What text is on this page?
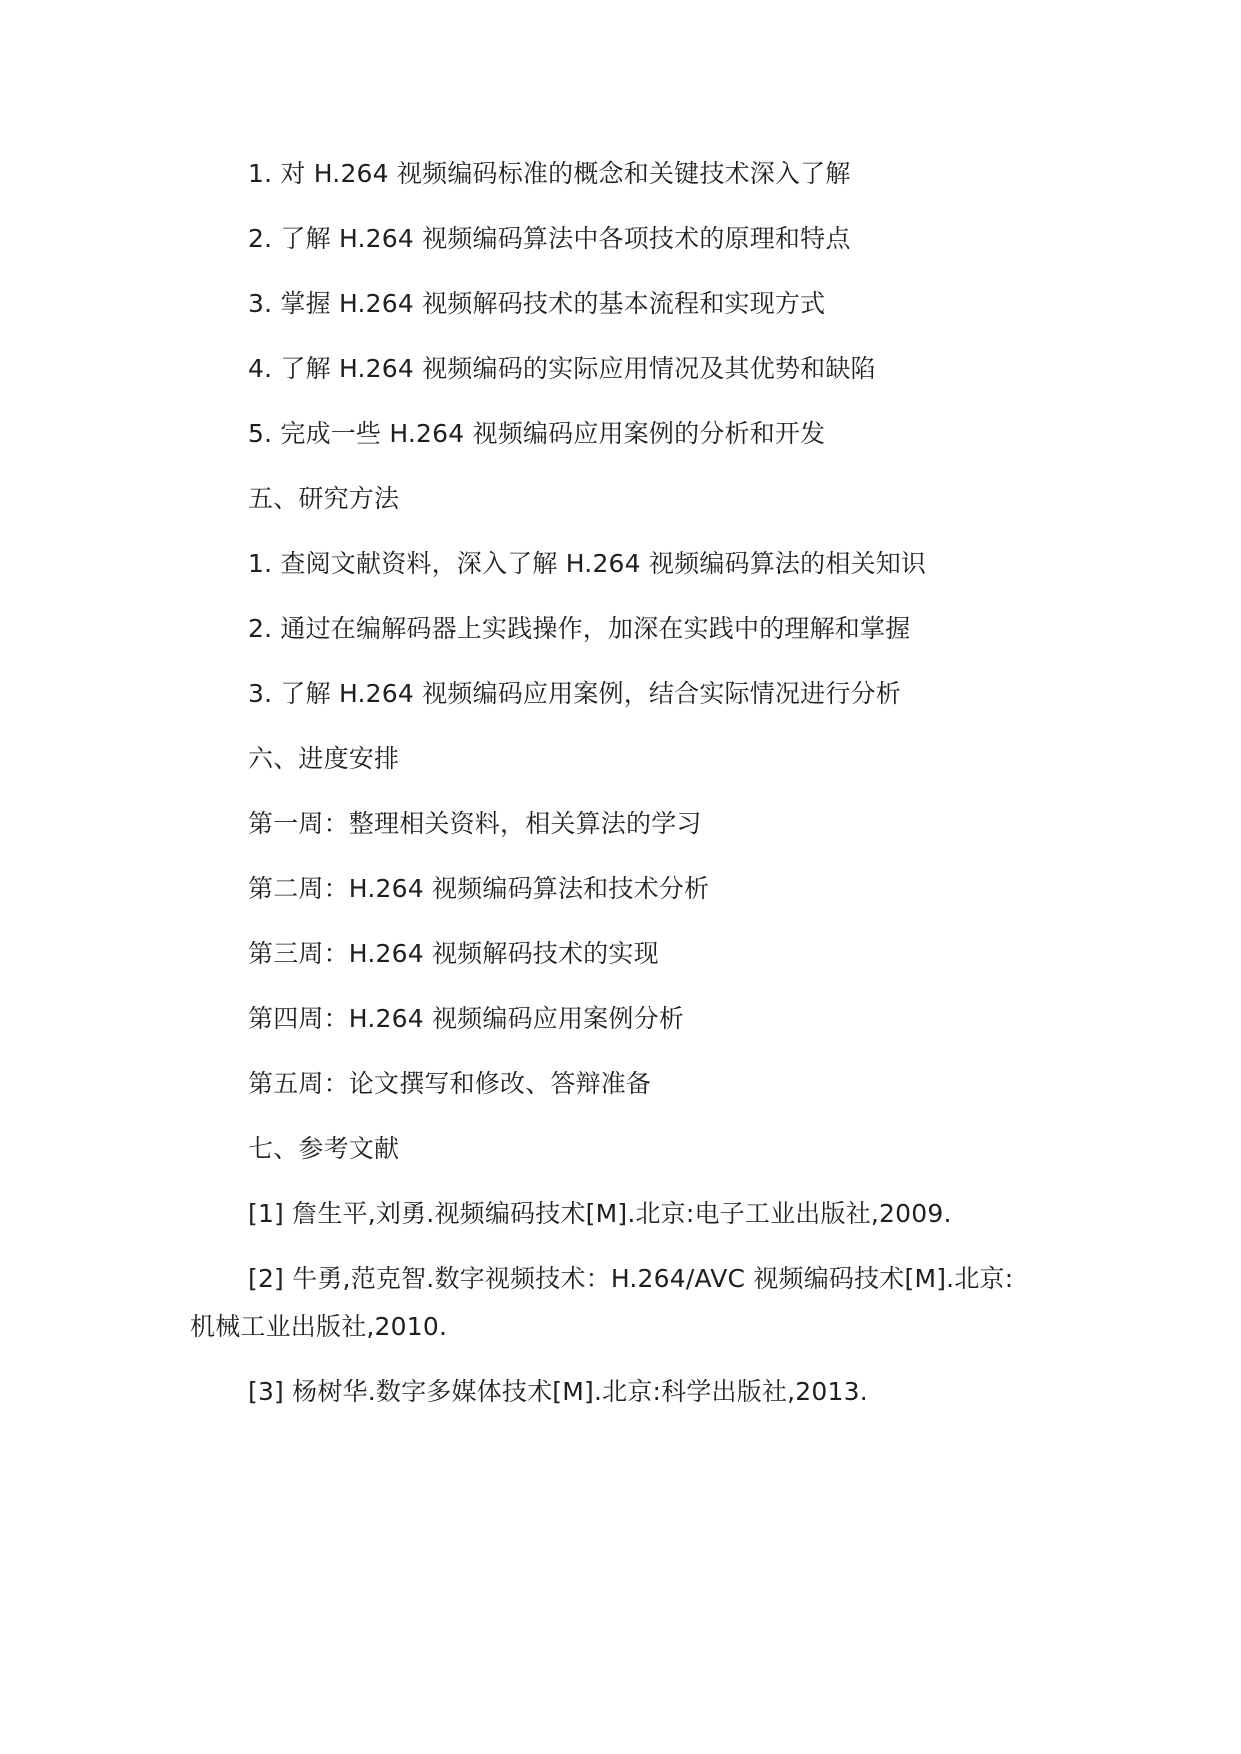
1. 对 H.264 视频编码标准的概念和关键技术深入了解
2. 了解 H.264 视频编码算法中各项技术的原理和特点
3. 掌握 H.264 视频解码技术的基本流程和实现方式
4. 了解 H.264 视频编码的实际应用情况及其优势和缺陷
5. 完成一些 H.264 视频编码应用案例的分析和开发
五、研究方法
1. 查阅文献资料，深入了解 H.264 视频编码算法的相关知识
2. 通过在编解码器上实践操作，加深在实践中的理解和掌握
3. 了解 H.264 视频编码应用案例，结合实际情况进行分析
六、进度安排
第一周：整理相关资料，相关算法的学习
第二周：H.264 视频编码算法和技术分析
第三周：H.264 视频解码技术的实现
第四周：H.264 视频编码应用案例分析
第五周：论文撰写和修改、答辩准备
七、参考文献
[1] 詹生平,刘勇.视频编码技术[M].北京:电子工业出版社,2009.
[2] 牛勇,范克智.数字视频技术：H.264/AVC 视频编码技术[M].北京:
机械工业出版社,2010.
[3] 杨树华.数字多媒体技术[M].北京:科学出版社,2013.
